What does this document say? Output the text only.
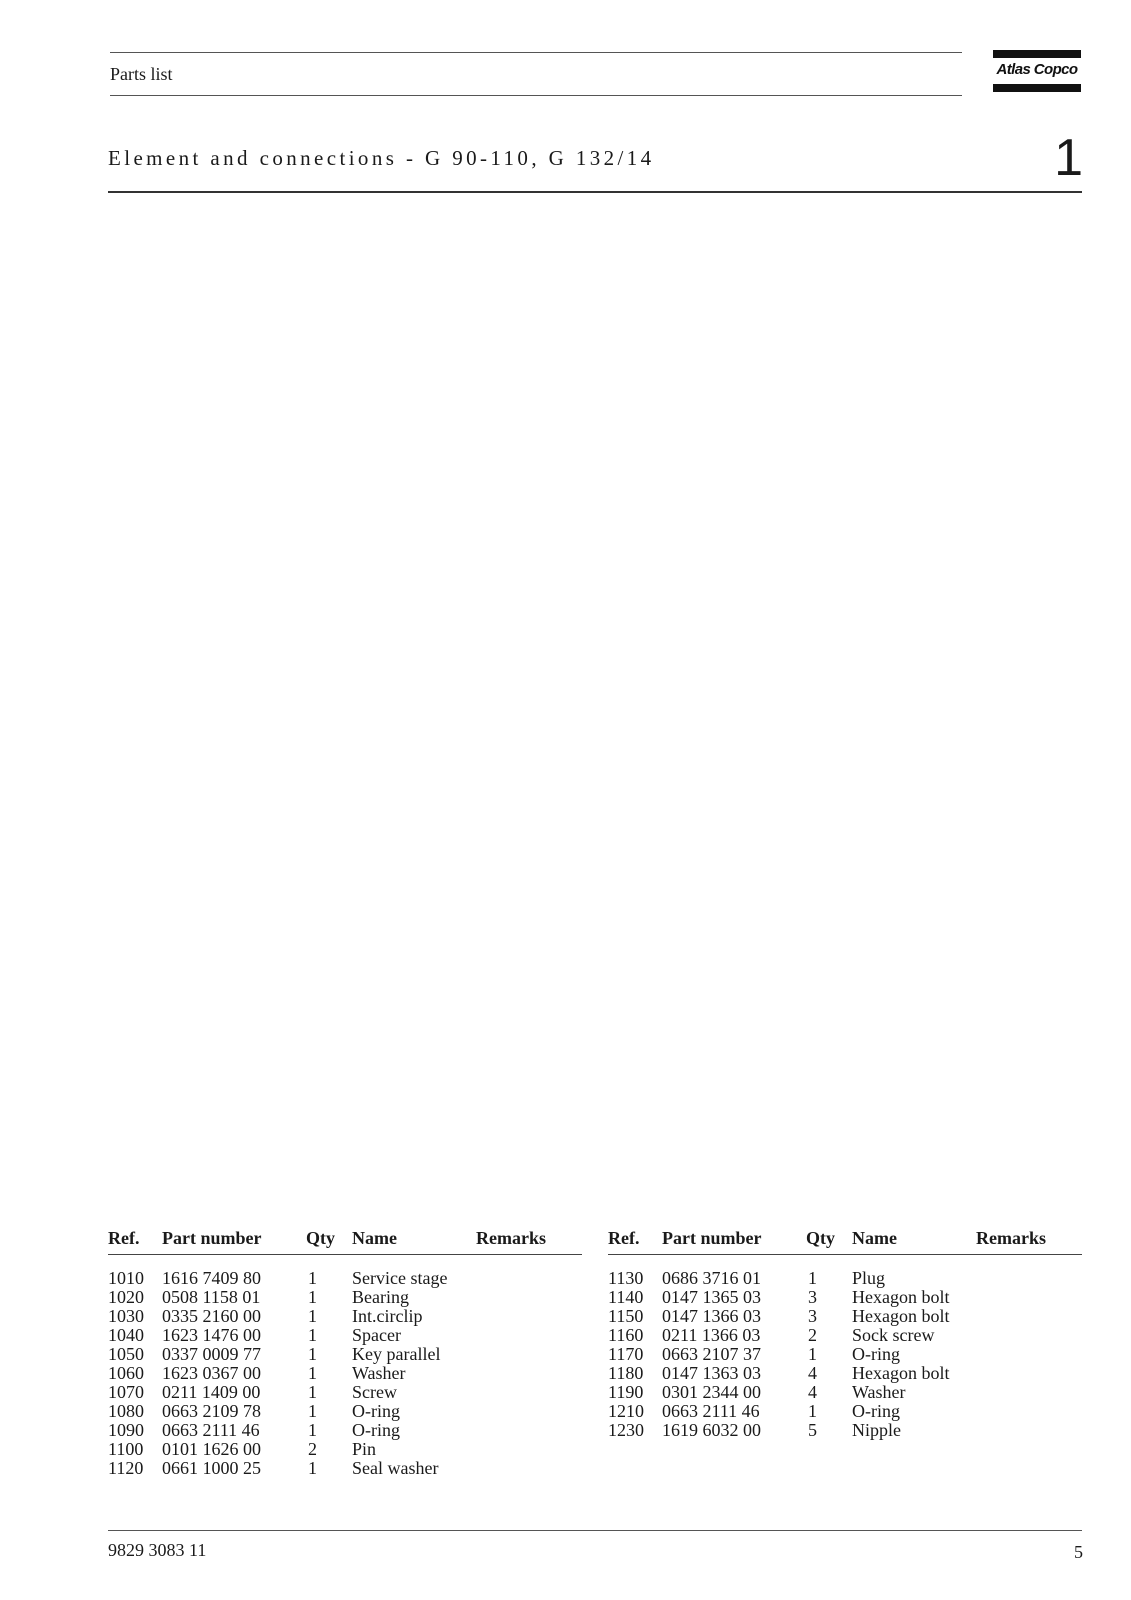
Parts list	Atlas Copco
Element and connections - G 90-110, G 132/14	1
Ref. Part number Qty Name	Remarks
1010 1616 7409 80	1 Service stage
1020 0508 1158 01	1 Bearing
1030 0335 2160 00	1 Int.circlip
1040 1623 1476 00	1 Spacer
1050 0337 0009 77	1 Key parallel
1060 1623 0367 00	1 Washer
1070 0211 1409 00	1 Screw
1080 0663 2109 78	1 O-ring
1090 0663 2111 46	1 O-ring
1100 0101 1626 00	2 Pin
1120 0661 1000 25	1 Seal washer
Ref. Part number Qty Name	Remarks
1130 0686 3716 01	1 Plug
1140 0147 1365 03	3 Hexagon bolt
1150 0147 1366 03	3 Hexagon bolt
1160 0211 1366 03	2 Sock screw
1170 0663 2107 37	1 O-ring
1180 0147 1363 03	4 Hexagon bolt
1190 0301 2344 00	4 Washer
1210 0663 2111 46	1 O-ring
1230 1619 6032 00	5 Nipple
9829 3083 11	5
